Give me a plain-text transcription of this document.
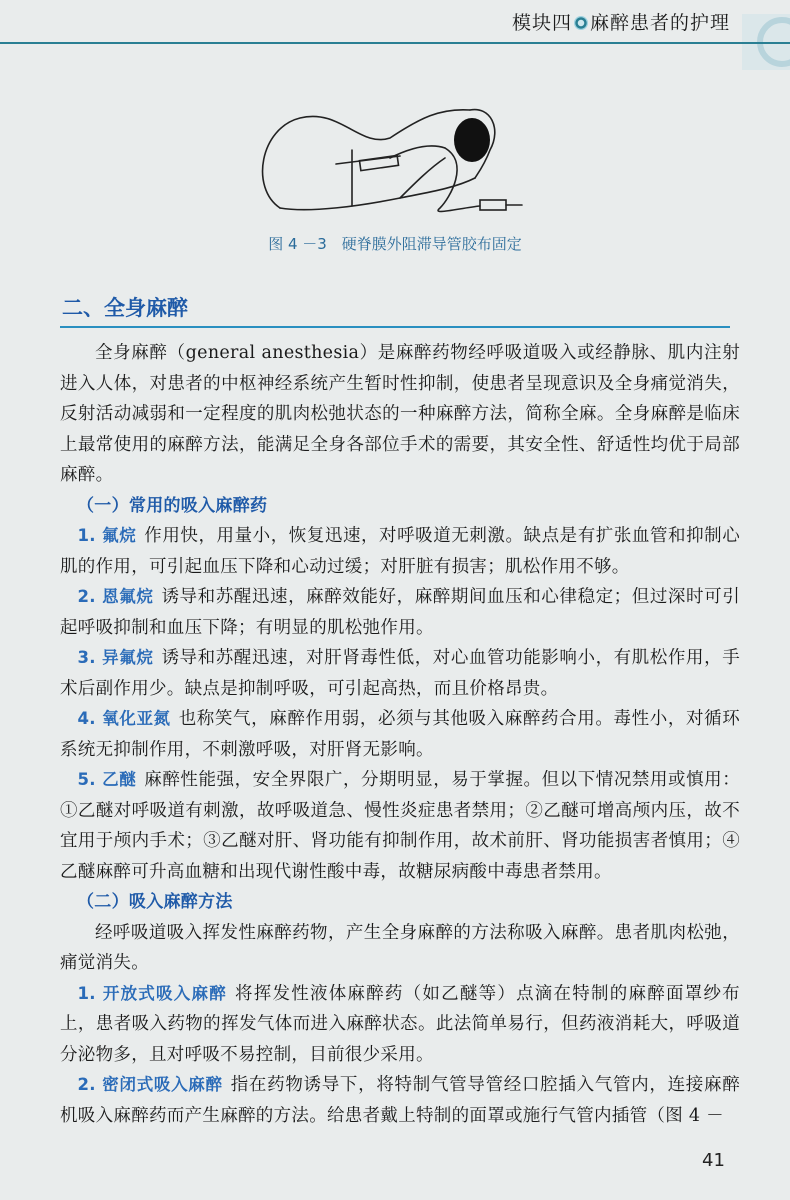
模块四 麻醉患者的护理
图 4 －3　硬脊膜外阻滞导管胶布固定
二、全身麻醉

全身麻醉（general anesthesia）是麻醉药物经呼吸道吸入或经静脉、肌内注射进入人体，对患者的中枢神经系统产生暂时性抑制，使患者呈现意识及全身痛觉消失，反射活动减弱和一定程度的肌肉松弛状态的一种麻醉方法，简称全麻。全身麻醉是临床上最常使用的麻醉方法，能满足全身各部位手术的需要，其安全性、舒适性均优于局部麻醉。

（一）常用的吸入麻醉药

1. 氟烷 作用快，用量小，恢复迅速，对呼吸道无刺激。缺点是有扩张血管和抑制心肌的作用，可引起血压下降和心动过缓；对肝脏有损害；肌松作用不够。

2. 恩氟烷 诱导和苏醒迅速，麻醉效能好，麻醉期间血压和心律稳定；但过深时可引起呼吸抑制和血压下降；有明显的肌松弛作用。

3. 异氟烷 诱导和苏醒迅速，对肝肾毒性低，对心血管功能影响小，有肌松作用，手术后副作用少。缺点是抑制呼吸，可引起高热，而且价格昂贵。

4. 氧化亚氮 也称笑气，麻醉作用弱，必须与其他吸入麻醉药合用。毒性小，对循环系统无抑制作用，不刺激呼吸，对肝肾无影响。

5. 乙醚 麻醉性能强，安全界限广，分期明显，易于掌握。但以下情况禁用或慎用：①乙醚对呼吸道有刺激，故呼吸道急、慢性炎症患者禁用；②乙醚可增高颅内压，故不宜用于颅内手术；③乙醚对肝、肾功能有抑制作用，故术前肝、肾功能损害者慎用；④乙醚麻醉可升高血糖和出现代谢性酸中毒，故糖尿病酸中毒患者禁用。

（二）吸入麻醉方法

经呼吸道吸入挥发性麻醉药物，产生全身麻醉的方法称吸入麻醉。患者肌肉松弛，痛觉消失。

1. 开放式吸入麻醉 将挥发性液体麻醉药（如乙醚等）点滴在特制的麻醉面罩纱布上，患者吸入药物的挥发气体而进入麻醉状态。此法简单易行，但药液消耗大，呼吸道分泌物多，且对呼吸不易控制，目前很少采用。

2. 密闭式吸入麻醉 指在药物诱导下，将特制气管导管经口腔插入气管内，连接麻醉机吸入麻醉药而产生麻醉的方法。给患者戴上特制的面罩或施行气管内插管（图 4 －

41
